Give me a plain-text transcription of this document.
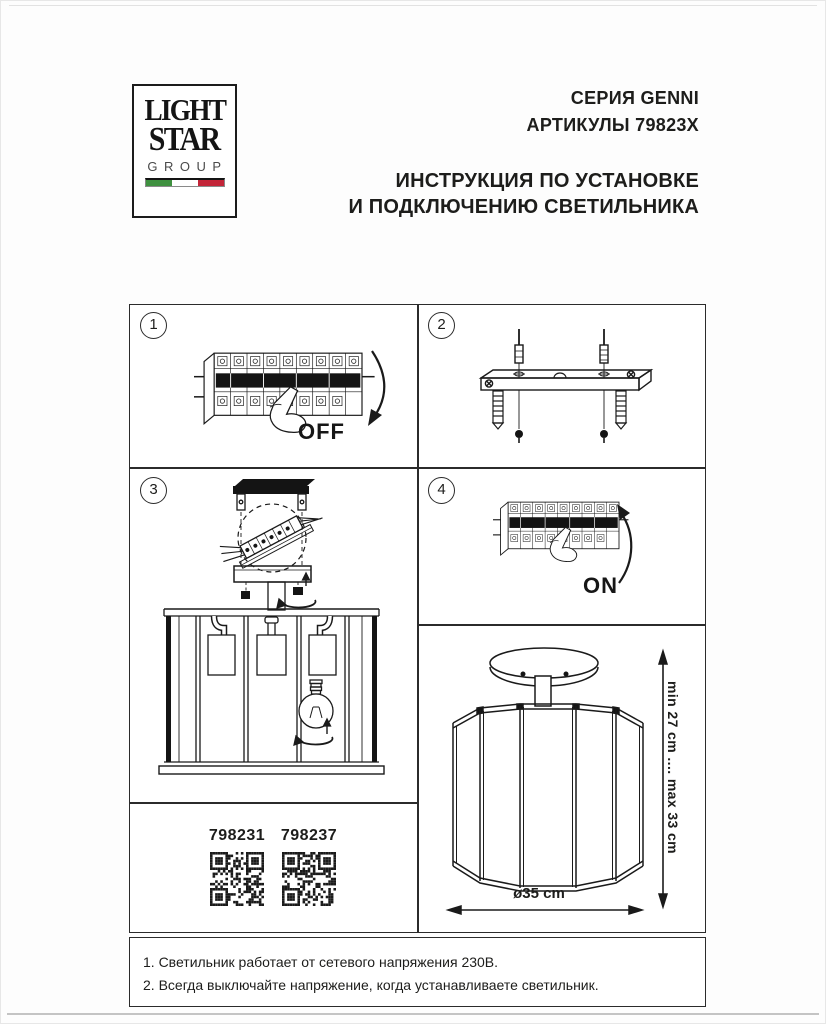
LIGHT
STAR
GROUP
СЕРИЯ GENNI
АРТИКУЛЫ 79823X
ИНСТРУКЦИЯ ПО УСТАНОВКЕ
И ПОДКЛЮЧЕНИЮ СВЕТИЛЬНИКА
1	2
3	4
OFF
ON
min 27 cm .... max 33 cm
ø35 cm
798231 798237
1. Светильник работает от сетевого напряжения 230В.
2. Всегда выключайте напряжение, когда устанавливаете светильник.
